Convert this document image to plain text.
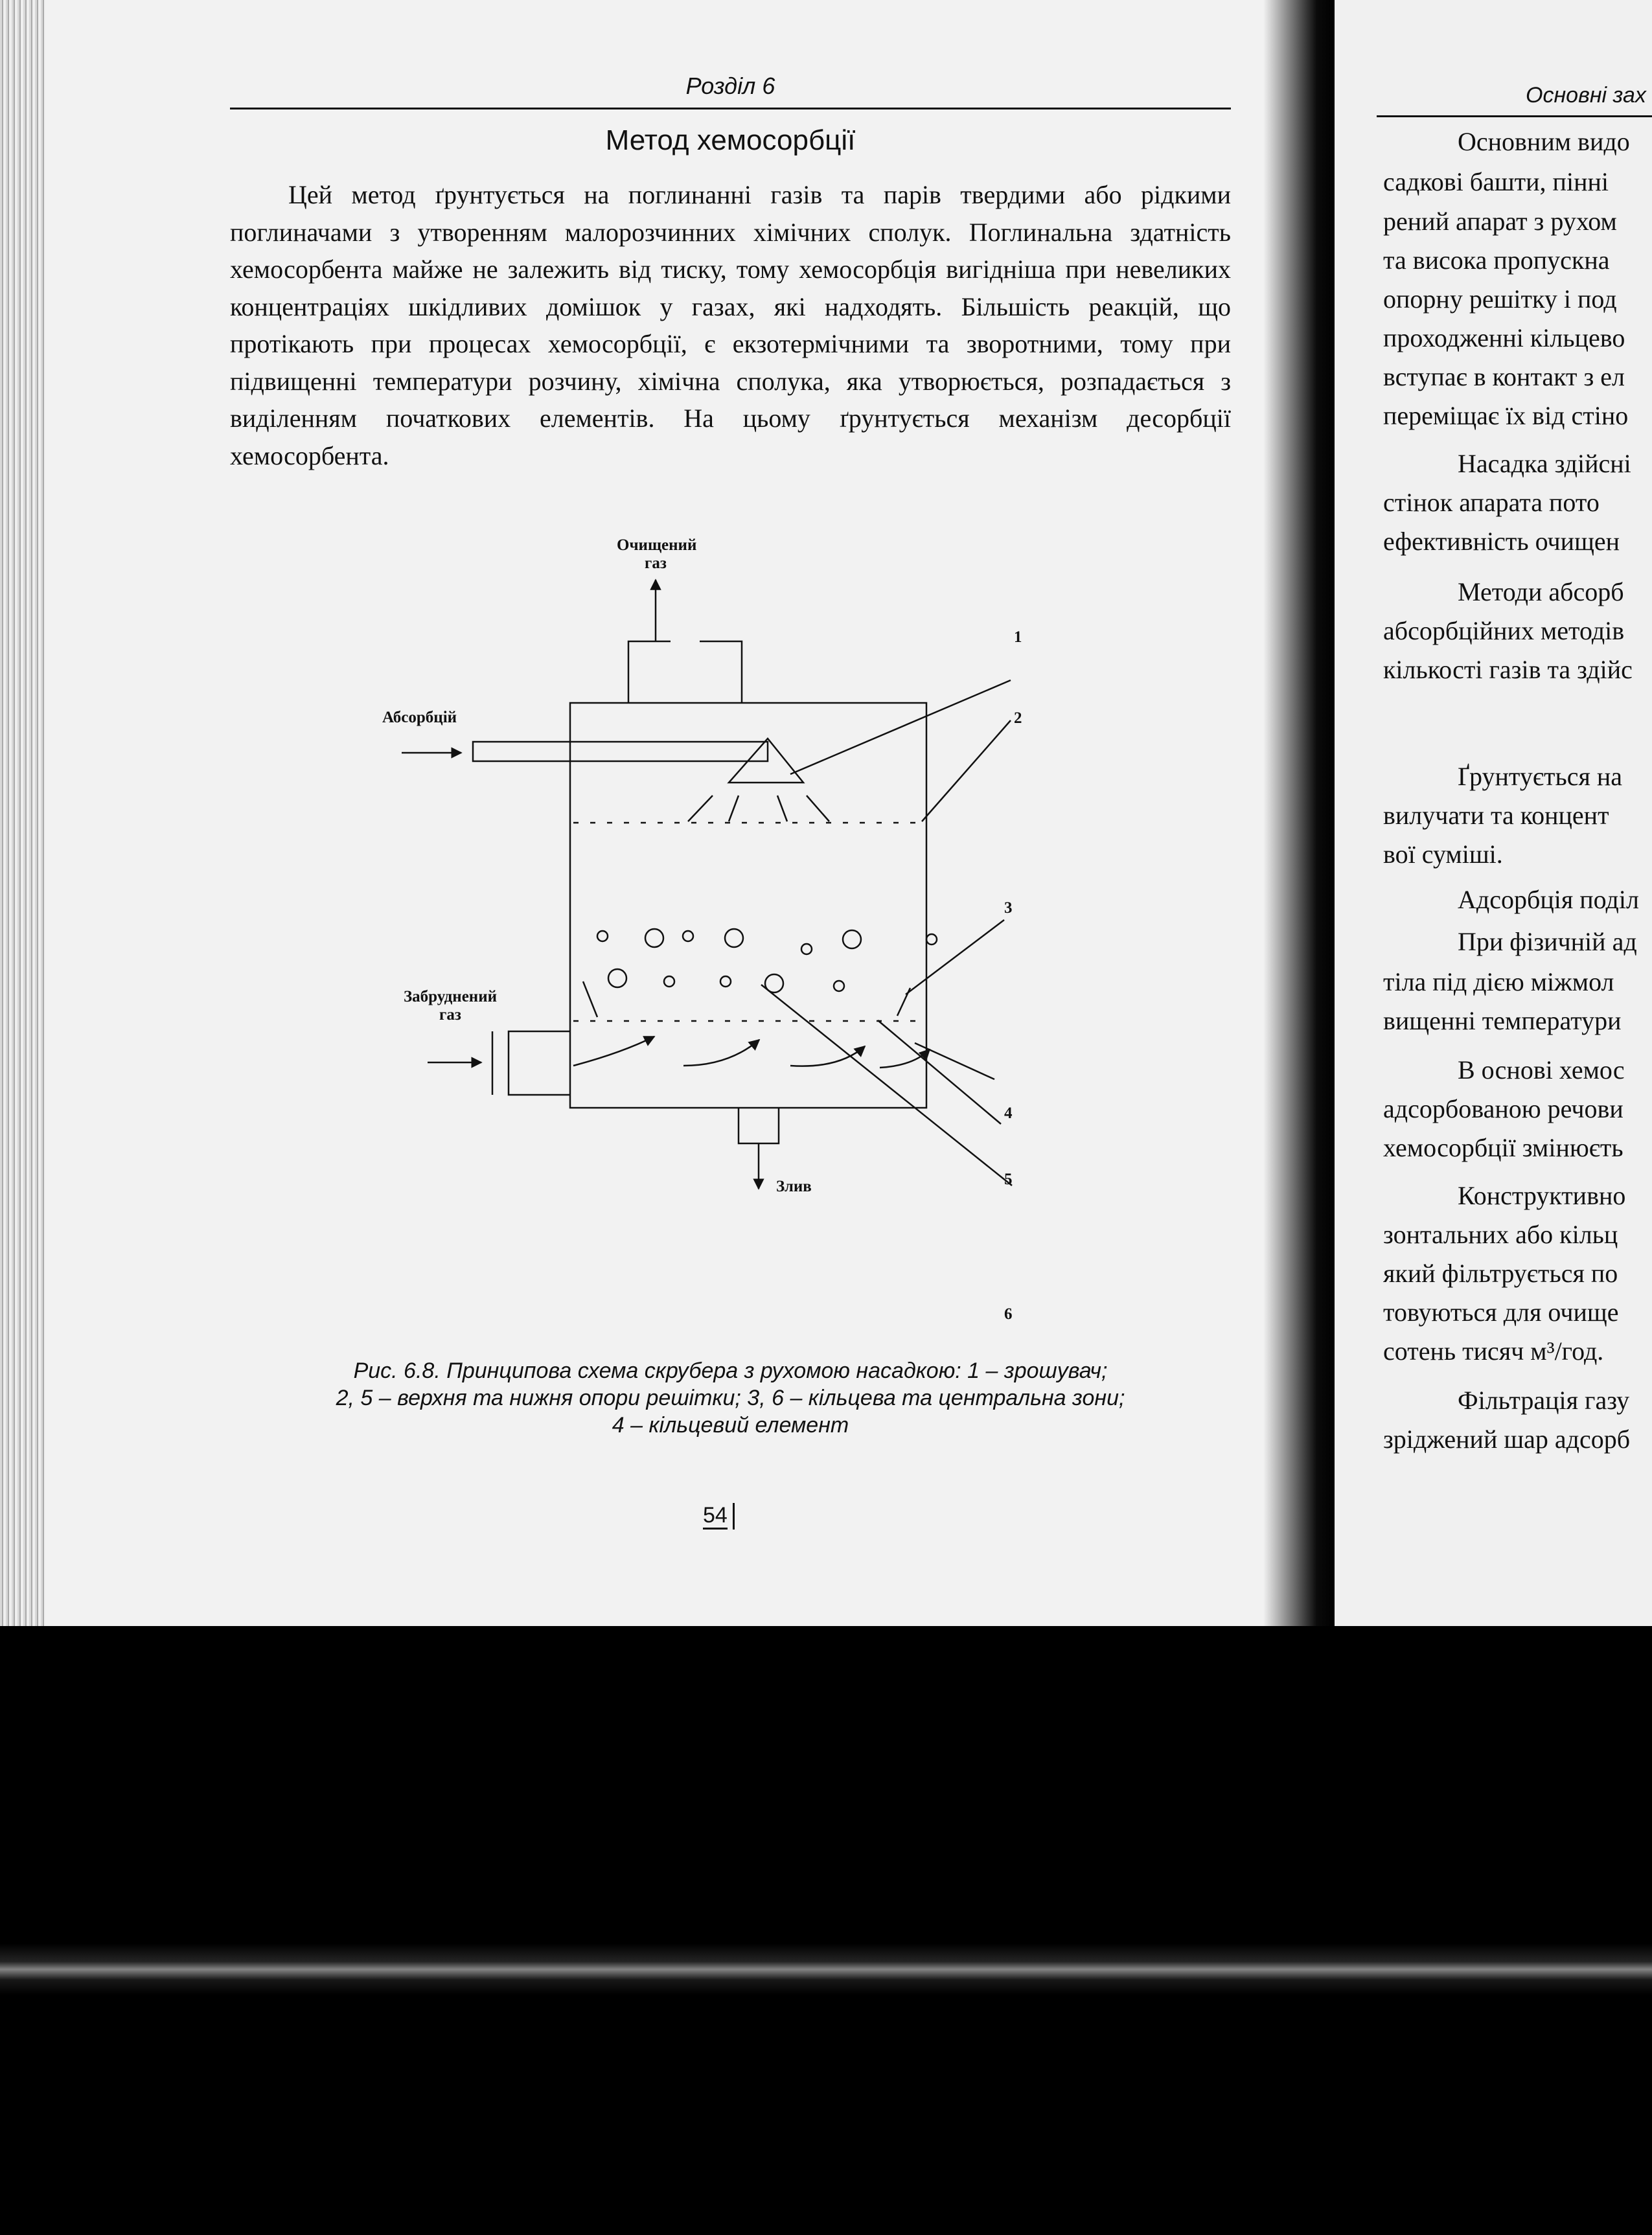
Розділ 6
Метод хемосорбції
Цей метод ґрунтується на поглинанні газів та парів твердими або рідкими поглиначами з утворенням малорозчинних хімічних сполук. Поглинальна здатність хемосорбента майже не залежить від тиску, тому хемосорбція вигідніша при невеликих концентраціях шкідливих домішок у газах, які надходять. Більшість реакцій, що протікають при процесах хемосорбції, є екзотермічними та зворотними, тому при підвищенні температури розчину, хімічна сполука, яка утворюється, розпадається з виділенням початкових елементів. На цьому ґрунтується механізм десорбції хемосорбента.
Очищений
газ
Абсорбцій
Забруднений
газ
Злив
1
2
3
4
5
6
Рис. 6.8. Принципова схема скрубера з рухомою насадкою: 1 – зрошувач;
2, 5 – верхня та нижня опори решітки; 3, 6 – кільцева та центральна зони;
4 – кільцевий елемент
54
Основні зах
Основним видо
садкові башти, пінні
рений апарат з рухом
та висока пропускна
опорну решітку і под
проходженні кільцево
вступає в контакт з ел
переміщає їх від стіно
Насадка здійсні
стінок апарата пото
ефективність очищен
Методи абсорб
абсорбційних методів
кількості газів та здійс
Ґрунтується на
вилучати та концент
вої суміші.
Адсорбція поділ
При фізичній ад
тіла під дією міжмол
вищенні температури
В основі хемос
адсорбованою речови
хемосорбції змінюєть
Конструктивно
зонтальних або кільц
який фільтрується по
товуються для очище
сотень тисяч м³/год.
Фільтрація газу
зріджений шар адсорб
